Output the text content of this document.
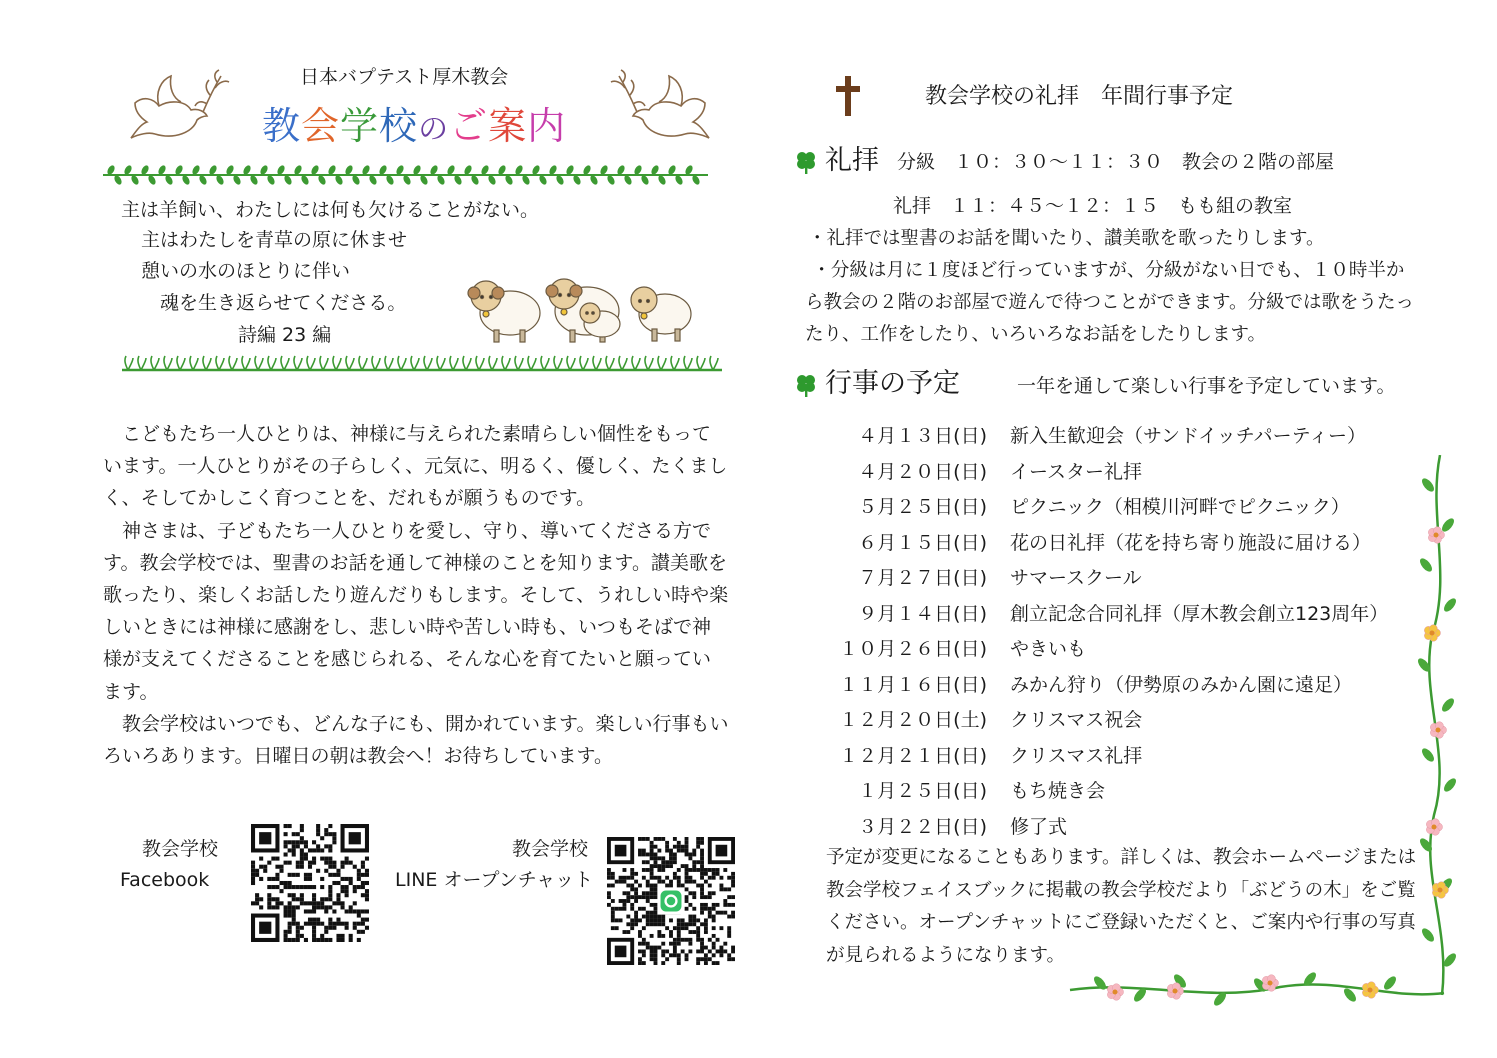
日本バプテスト厚木教会
教会学校のご案内
主は羊飼い、わたしには何も欠けることがない。
主はわたしを青草の原に休ませ
憩いの水のほとりに伴い
魂を生き返らせてくださる。
詩編 23 編

こどもたち一人ひとりは、神様に与えられた素晴らしい個性をもっています。一人ひとりがその子らしく、元気に、明るく、優しく、たくましく、そしてかしこく育つことを、だれもが願うものです。

神さまは、子どもたち一人ひとりを愛し、守り、導いてくださる方です。教会学校では、聖書のお話を通して神様のことを知ります。讃美歌を歌ったり、楽しくお話したり遊んだりもします。そして、うれしい時や楽しいときには神様に感謝をし、悲しい時や苦しい時も、いつもそばで神様が支えてくださることを感じられる、そんな心を育てたいと願っています。

教会学校はいつでも、どんな子にも、開かれています。楽しい行事もいろいろあります。日曜日の朝は教会へ！お待ちしています。

教会学校
Facebook
教会学校
LINE オープンチャット
教会学校の礼拝　年間行事予定
礼拝 分級　１０：３０～１１：３０　教会の２階の部屋
礼拝　１１：４５～１２：１５　もも組の教室
・礼拝では聖書のお話を聞いたり、讃美歌を歌ったりします。
・分級は月に１度ほど行っていますが、分級がない日でも、１０時半から教会の２階のお部屋で遊んで待つことができます。分級では歌をうたったり、工作をしたり、いろいろなお話をしたりします。
行事の予定	一年を通して楽しい行事を予定しています。
４月１３日(日) 新入生歓迎会（サンドイッチパーティー）
４月２０日(日) イースター礼拝
５月２５日(日) ピクニック（相模川河畔でピクニック）
６月１５日(日) 花の日礼拝（花を持ち寄り施設に届ける）
７月２７日(日) サマースクール
９月１４日(日) 創立記念合同礼拝（厚木教会創立123周年）
１０月２６日(日) やきいも
１１月１６日(日) みかん狩り（伊勢原のみかん園に遠足）
１２月２０日(土) クリスマス祝会
１２月２１日(日) クリスマス礼拝
１月２５日(日) もち焼き会
３月２２日(日) 修了式
予定が変更になることもあります。詳しくは、教会ホームページまたは教会学校フェイスブックに掲載の教会学校だより「ぶどうの木」をご覧ください。オープンチャットにご登録いただくと、ご案内や行事の写真が見られるようになります。
